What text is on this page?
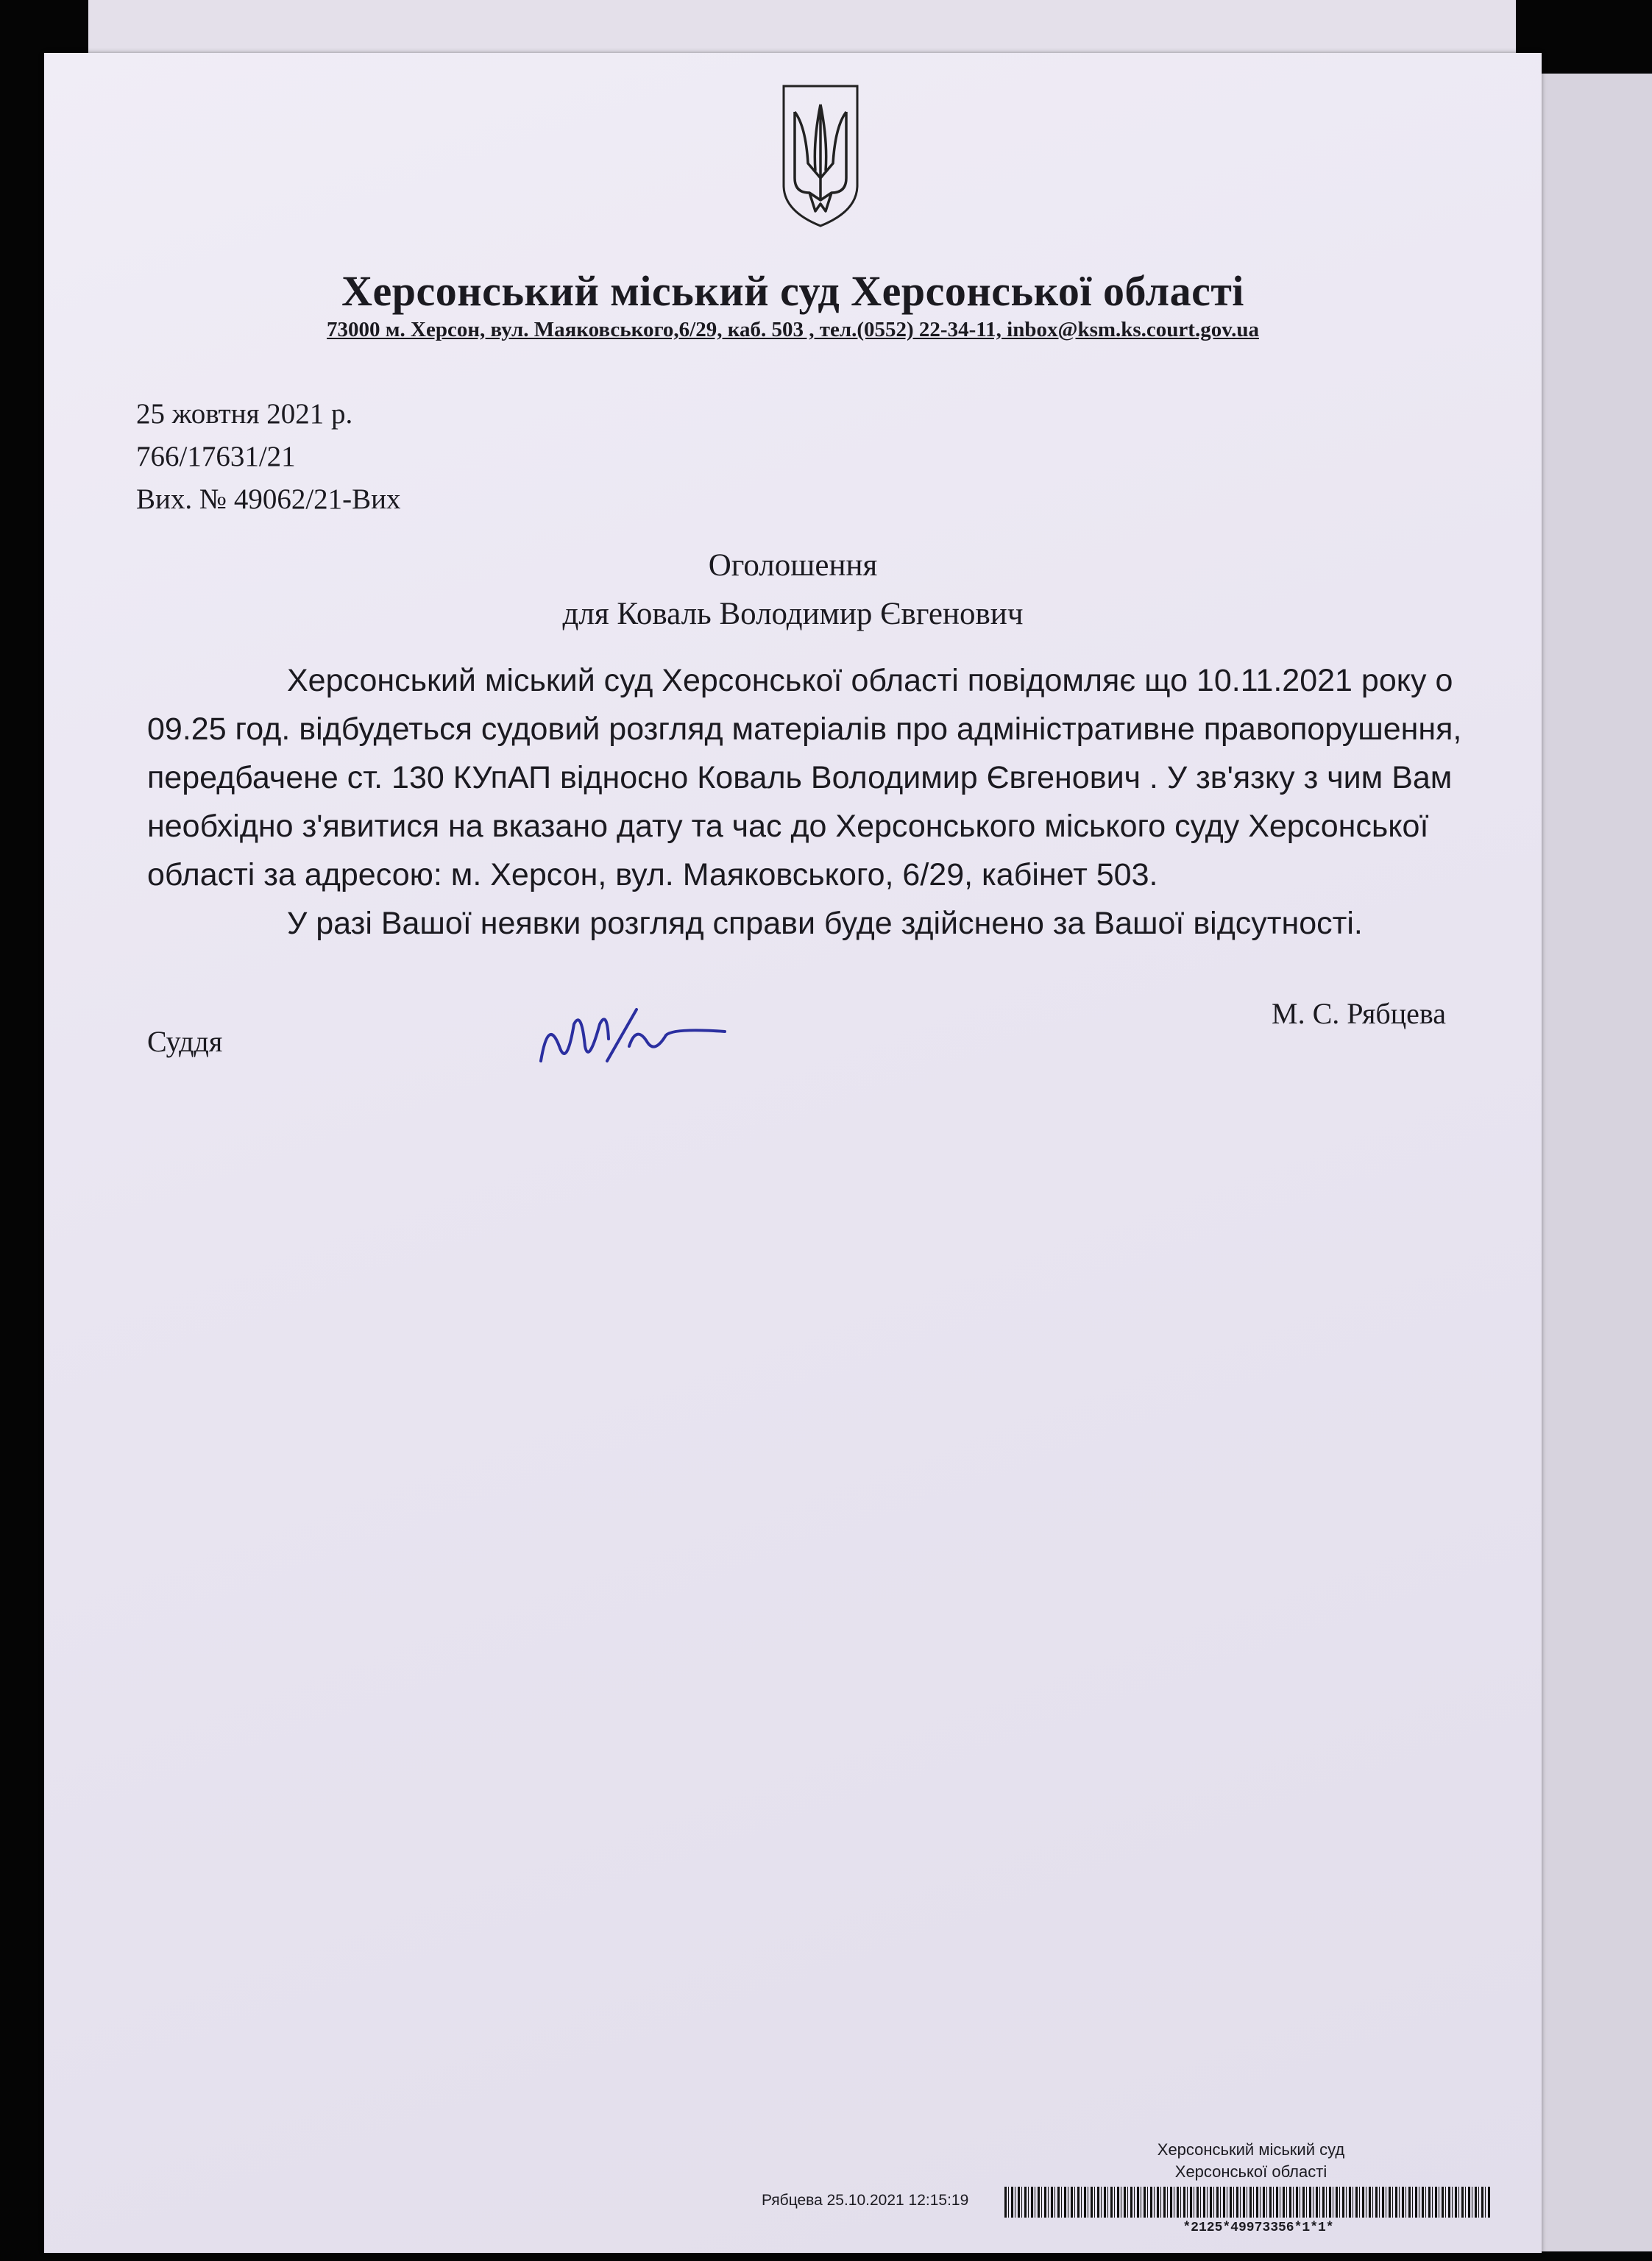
Херсонський міський суд Херсонської області
73000 м. Херсон, вул. Маяковського,6/29, каб. 503 , тел.(0552) 22-34-11, inbox@ksm.ks.court.gov.ua
25 жовтня 2021 р.
766/17631/21
Вих. № 49062/21-Вих
Оголошення
для Коваль Володимир Євгенович

Херсонський міський суд Херсонської області повідомляє що 10.11.2021 року о 09.25 год. відбудеться судовий розгляд матеріалів про адміністративне правопорушення, передбачене ст. 130 КУпАП відносно Коваль Володимир Євгенович . У зв'язку з чим Вам необхідно з'явитися на вказано дату та час до Херсонського міського суду Херсонської області за адресою: м. Херсон, вул. Маяковського, 6/29, кабінет 503.

У разі Вашої неявки розгляд справи буде здійснено за Вашої відсутності.

Суддя
М. С. Рябцева
Херсонський міський суд
Херсонської області
Рябцева 25.10.2021 12:15:19
*2125*49973356*1*1*
